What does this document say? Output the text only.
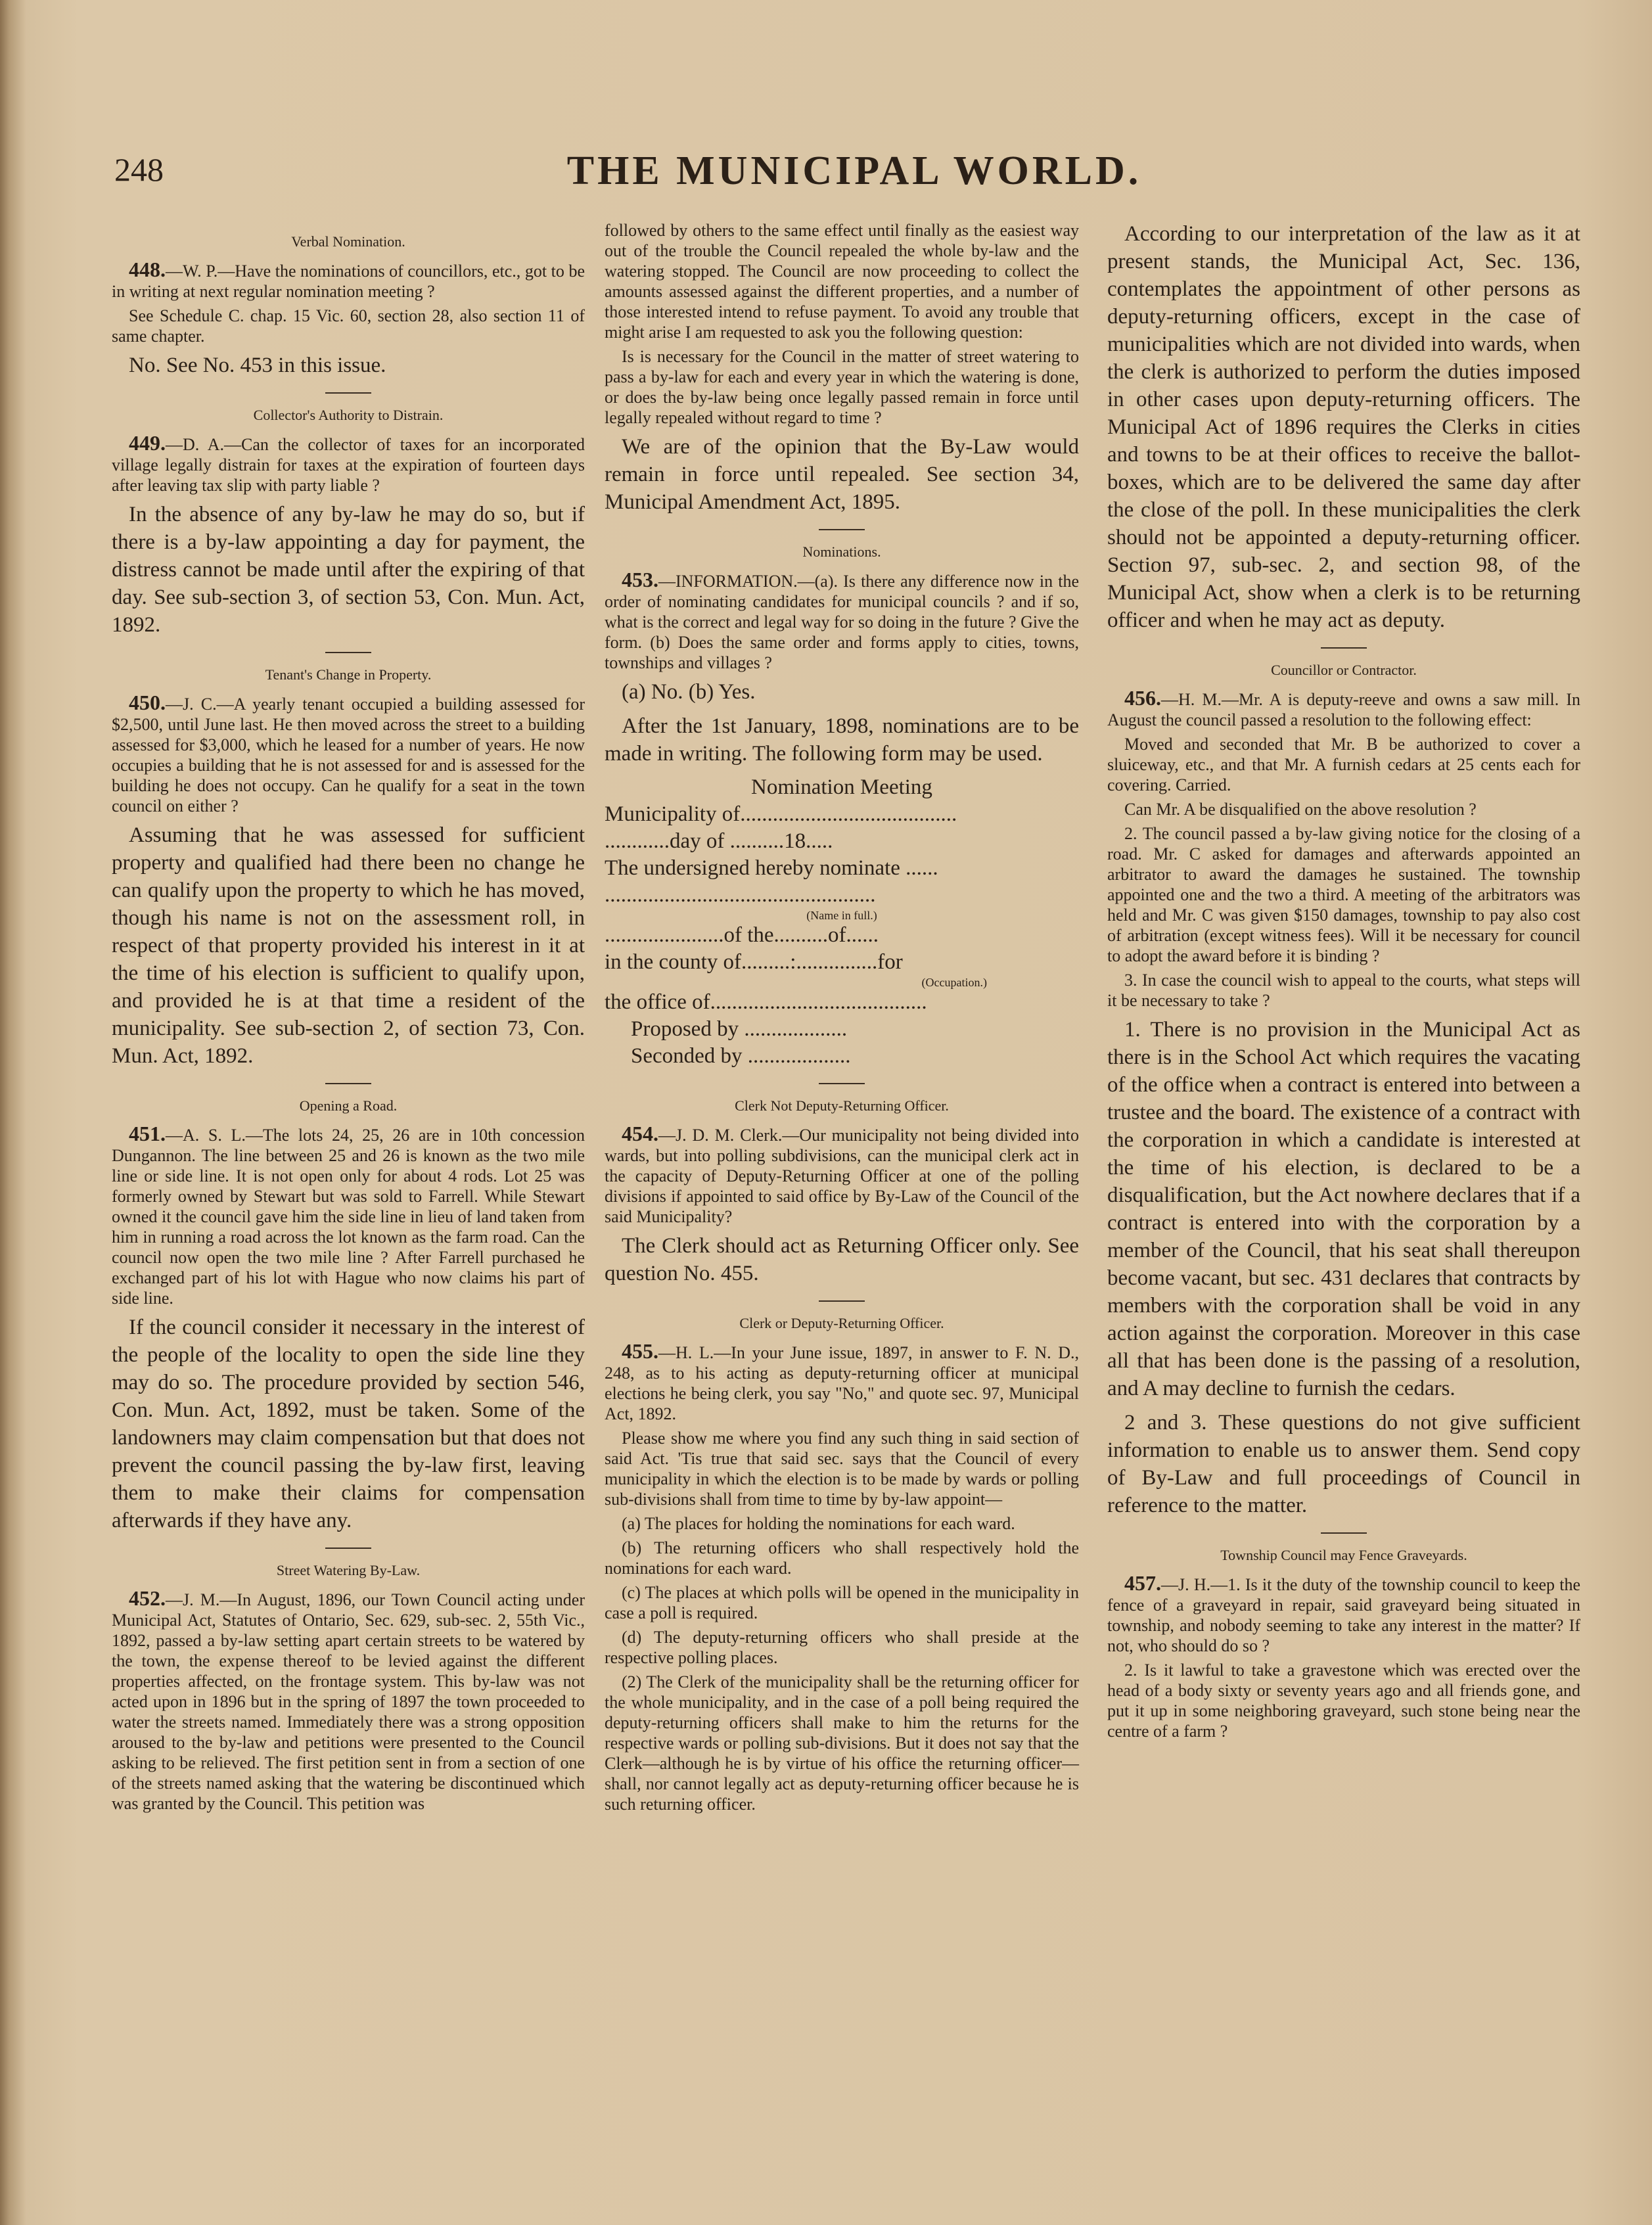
248	THE MUNICIPAL WORLD.
Verbal Nomination.

448.—W. P.—Have the nominations of councillors, etc., got to be in writing at next regular nomination meeting ?

See Schedule C. chap. 15 Vic. 60, section 28, also section 11 of same chapter.

No. See No. 453 in this issue.

Collector's Authority to Distrain.

449.—D. A.—Can the collector of taxes for an incorporated village legally distrain for taxes at the expiration of fourteen days after leaving tax slip with party liable ?

In the absence of any by-law he may do so, but if there is a by-law appointing a day for payment, the distress cannot be made until after the expiring of that day. See sub-section 3, of section 53, Con. Mun. Act, 1892.

Tenant's Change in Property.

450.—J. C.—A yearly tenant occupied a building assessed for $2,500, until June last. He then moved across the street to a building assessed for $3,000, which he leased for a number of years. He now occupies a building that he is not assessed for and is assessed for the building he does not occupy. Can he qualify for a seat in the town council on either ?

Assuming that he was assessed for sufficient property and qualified had there been no change he can qualify upon the property to which he has moved, though his name is not on the assessment roll, in respect of that property provided his interest in it at the time of his election is sufficient to qualify upon, and provided he is at that time a resident of the municipality. See sub-section 2, of section 73, Con. Mun. Act, 1892.

Opening a Road.

451.—A. S. L.—The lots 24, 25, 26 are in 10th concession Dungannon. The line between 25 and 26 is known as the two mile line or side line. It is not open only for about 4 rods. Lot 25 was formerly owned by Stewart but was sold to Farrell. While Stewart owned it the council gave him the side line in lieu of land taken from him in running a road across the lot known as the farm road. Can the council now open the two mile line ? After Farrell purchased he exchanged part of his lot with Hague who now claims his part of side line.

If the council consider it necessary in the interest of the people of the locality to open the side line they may do so. The procedure provided by section 546, Con. Mun. Act, 1892, must be taken. Some of the landowners may claim compensation but that does not prevent the council passing the by-law first, leaving them to make their claims for compensation afterwards if they have any.

Street Watering By-Law.

452.—J. M.—In August, 1896, our Town Council acting under Municipal Act, Statutes of Ontario, Sec. 629, sub-sec. 2, 55th Vic., 1892, passed a by-law setting apart certain streets to be watered by the town, the expense thereof to be levied against the different properties affected, on the frontage system. This by-law was not acted upon in 1896 but in the spring of 1897 the town proceeded to water the streets named. Immediately there was a strong opposition aroused to the by-law and petitions were presented to the Council asking to be relieved. The first petition sent in from a section of one of the streets named asking that the watering be discontinued which was granted by the Council. This petition was

followed by others to the same effect until finally as the easiest way out of the trouble the Council repealed the whole by-law and the watering stopped. The Council are now proceeding to collect the amounts assessed against the different properties, and a number of those interested intend to refuse payment. To avoid any trouble that might arise I am requested to ask you the following question:

Is is necessary for the Council in the matter of street watering to pass a by-law for each and every year in which the watering is done, or does the by-law being once legally passed remain in force until legally repealed without regard to time ?

We are of the opinion that the By-Law would remain in force until repealed. See section 34, Municipal Amendment Act, 1895.

Nominations.

453.—INFORMATION.—(a). Is there any difference now in the order of nominating candidates for municipal councils ? and if so, what is the correct and legal way for so doing in the future ? Give the form. (b) Does the same order and forms apply to cities, towns, townships and villages ?

(a) No. (b) Yes.

After the 1st January, 1898, nominations are to be made in writing. The following form may be used.

Nomination Meeting

Municipality of........................................

............day of ..........18.....

The undersigned hereby nominate ......

..................................................

(Name in full.)

......................of the..........of......

in the county of.........:...............for

(Occupation.)

the office of........................................

Proposed by ...................

Seconded by ...................

Clerk Not Deputy-Returning Officer.

454.—J. D. M. Clerk.—Our municipality not being divided into wards, but into polling subdivisions, can the municipal clerk act in the capacity of Deputy-Returning Officer at one of the polling divisions if appointed to said office by By-Law of the Council of the said Municipality?

The Clerk should act as Returning Officer only. See question No. 455.

Clerk or Deputy-Returning Officer.

455.—H. L.—In your June issue, 1897, in answer to F. N. D., 248, as to his acting as deputy-returning officer at municipal elections he being clerk, you say "No," and quote sec. 97, Municipal Act, 1892.

Please show me where you find any such thing in said section of said Act. 'Tis true that said sec. says that the Council of every municipality in which the election is to be made by wards or polling sub-divisions shall from time to time by by-law appoint—

(a) The places for holding the nominations for each ward.

(b) The returning officers who shall respectively hold the nominations for each ward.

(c) The places at which polls will be opened in the municipality in case a poll is required.

(d) The deputy-returning officers who shall preside at the respective polling places.

(2) The Clerk of the municipality shall be the returning officer for the whole municipality, and in the case of a poll being required the deputy-returning officers shall make to him the returns for the respective wards or polling sub-divisions. But it does not say that the Clerk—although he is by virtue of his office the returning officer—shall, nor cannot legally act as deputy-returning officer because he is such returning officer.

According to our interpretation of the law as it at present stands, the Municipal Act, Sec. 136, contemplates the appointment of other persons as deputy-returning officers, except in the case of municipalities which are not divided into wards, when the clerk is authorized to perform the duties imposed in other cases upon deputy-returning officers. The Municipal Act of 1896 requires the Clerks in cities and towns to be at their offices to receive the ballot-boxes, which are to be delivered the same day after the close of the poll. In these municipalities the clerk should not be appointed a deputy-returning officer. Section 97, sub-sec. 2, and section 98, of the Municipal Act, show when a clerk is to be returning officer and when he may act as deputy.

Councillor or Contractor.

456.—H. M.—Mr. A is deputy-reeve and owns a saw mill. In August the council passed a resolution to the following effect:

Moved and seconded that Mr. B be authorized to cover a sluiceway, etc., and that Mr. A furnish cedars at 25 cents each for covering. Carried.

Can Mr. A be disqualified on the above resolution ?

2. The council passed a by-law giving notice for the closing of a road. Mr. C asked for damages and afterwards appointed an arbitrator to award the damages he sustained. The township appointed one and the two a third. A meeting of the arbitrators was held and Mr. C was given $150 damages, township to pay also cost of arbitration (except witness fees). Will it be necessary for council to adopt the award before it is binding ?

3. In case the council wish to appeal to the courts, what steps will it be necessary to take ?

1. There is no provision in the Municipal Act as there is in the School Act which requires the vacating of the office when a contract is entered into between a trustee and the board. The existence of a contract with the corporation in which a candidate is interested at the time of his election, is declared to be a disqualification, but the Act nowhere declares that if a contract is entered into with the corporation by a member of the Council, that his seat shall thereupon become vacant, but sec. 431 declares that contracts by members with the corporation shall be void in any action against the corporation. Moreover in this case all that has been done is the passing of a resolution, and A may decline to furnish the cedars.

2 and 3. These questions do not give sufficient information to enable us to answer them. Send copy of By-Law and full proceedings of Council in reference to the matter.

Township Council may Fence Graveyards.

457.—J. H.—1. Is it the duty of the township council to keep the fence of a graveyard in repair, said graveyard being situated in township, and nobody seeming to take any interest in the matter? If not, who should do so ?

2. Is it lawful to take a gravestone which was erected over the head of a body sixty or seventy years ago and all friends gone, and put it up in some neighboring graveyard, such stone being near the centre of a farm ?
